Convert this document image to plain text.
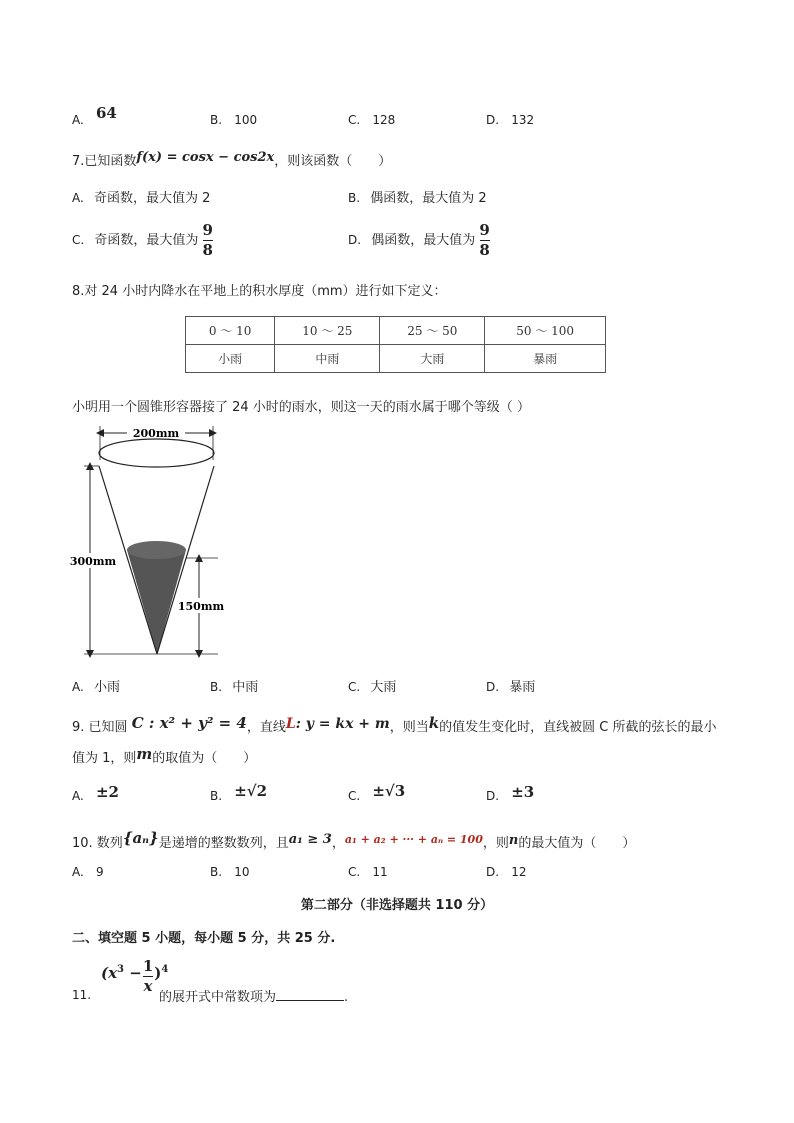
A. 64	B. 100	C. 128	D. 132
7.已知函数f(x) = cosx − cos2x，则该函数（　　）
A. 奇函数，最大值为 2	B. 偶函数，最大值为 2
C. 奇函数，最大值为 $\frac{9}{8}$	D. 偶函数，最大值为 $\frac{9}{8}$
8.对 24 小时内降水在平地上的积水厚度（mm）进行如下定义：
0 ～ 10	10 ～ 25	25 ～ 50	50 ～ 100
小雨	中雨	大雨	暴雨
小明用一个圆锥形容器接了 24 小时的雨水，则这一天的雨水属于哪个等级（ ）
200mm
300mm
150mm
A. 小雨	B. 中雨	C. 大雨	D. 暴雨
9. 已知圆 C : x² + y² = 4，直线L: y = kx + m，则当k的值发生变化时，直线被圆 C 所截的弦长的最小
值为 1，则m的取值为（　　）
A. ±2	B. ±√2	C. ±√3	D. ±3
10. 数列{aₙ}是递增的整数数列，且a₁ ≥ 3，$^{a_1 + a_2 + \cdot\cdot\cdot + a_n = 100}$，则n的最大值为（　　）
A. 9	B. 10	C. 11	D. 12
第二部分（非选择题共 110 分）
二、填空题 5 小题，每小题 5 分，共 25 分.
11.
$(x^3 - \frac{1}{x} )^4$
的展开式中常数项为	.
